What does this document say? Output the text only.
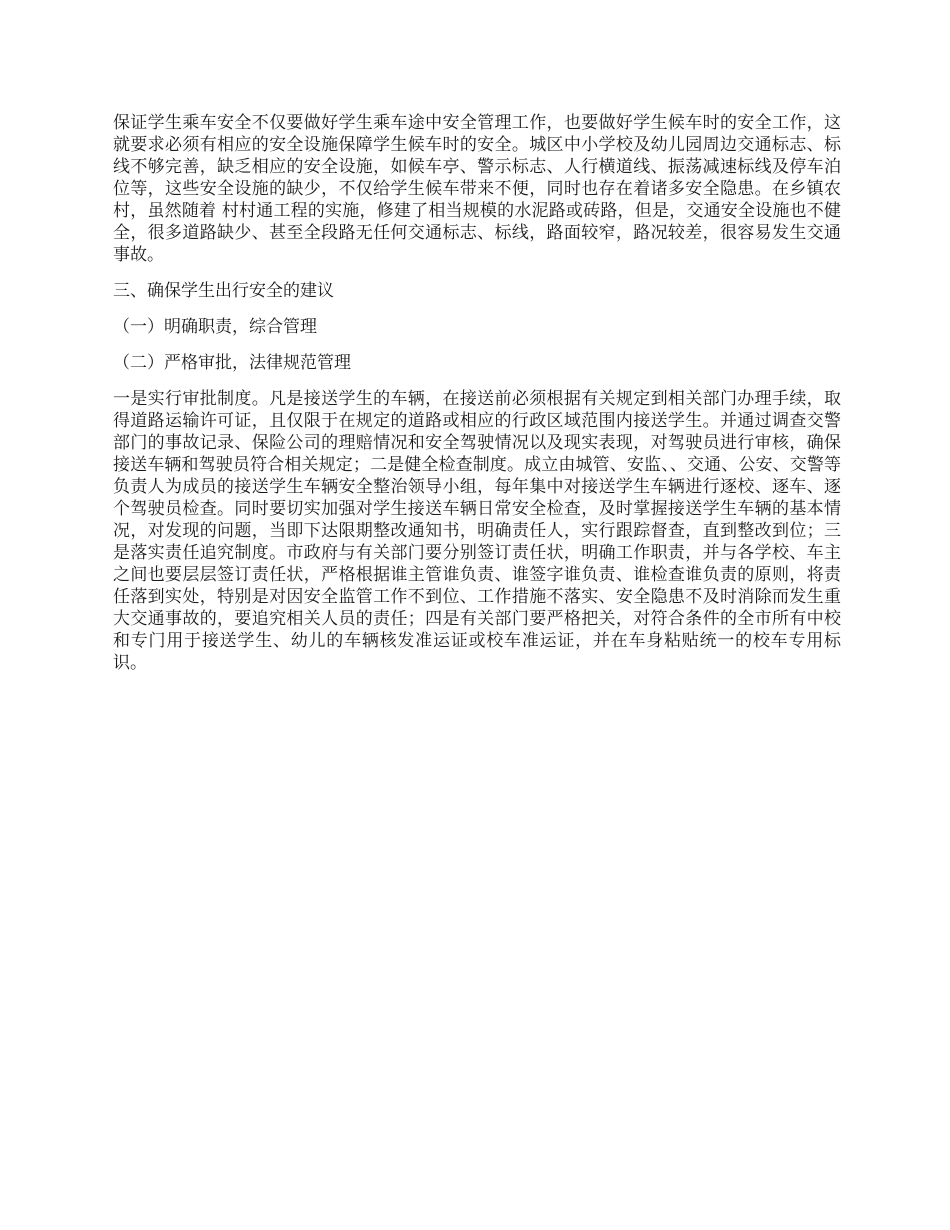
保证学生乘车安全不仅要做好学生乘车途中安全管理工作，也要做好学生候车时的安全工作，这就要求必须有相应的安全设施保障学生候车时的安全。城区中小学校及幼儿园周边交通标志、标线不够完善，缺乏相应的安全设施，如候车亭、警示标志、人行横道线、振荡减速标线及停车泊位等，这些安全设施的缺少，不仅给学生候车带来不便，同时也存在着诸多安全隐患。在乡镇农村，虽然随着 村村通工程的实施，修建了相当规模的水泥路或砖路，但是，交通安全设施也不健全，很多道路缺少、甚至全段路无任何交通标志、标线，路面较窄，路况较差，很容易发生交通事故。

三、确保学生出行安全的建议

（一）明确职责，综合管理

（二）严格审批，法律规范管理

一是实行审批制度。凡是接送学生的车辆，在接送前必须根据有关规定到相关部门办理手续，取得道路运输许可证，且仅限于在规定的道路或相应的行政区域范围内接送学生。并通过调查交警部门的事故记录、保险公司的理赔情况和安全驾驶情况以及现实表现，对驾驶员进行审核，确保接送车辆和驾驶员符合相关规定；二是健全检查制度。成立由城管、安监、、交通、公安、交警等负责人为成员的接送学生车辆安全整治领导小组，每年集中对接送学生车辆进行逐校、逐车、逐个驾驶员检查。同时要切实加强对学生接送车辆日常安全检查，及时掌握接送学生车辆的基本情况，对发现的问题，当即下达限期整改通知书，明确责任人，实行跟踪督查，直到整改到位；三是落实责任追究制度。市政府与有关部门要分别签订责任状，明确工作职责，并与各学校、车主之间也要层层签订责任状，严格根据谁主管谁负责、谁签字谁负责、谁检查谁负责的原则，将责任落到实处，特别是对因安全监管工作不到位、工作措施不落实、安全隐患不及时消除而发生重大交通事故的，要追究相关人员的责任；四是有关部门要严格把关，对符合条件的全市所有中校和专门用于接送学生、幼儿的车辆核发准运证或校车准运证，并在车身粘贴统一的校车专用标识。
